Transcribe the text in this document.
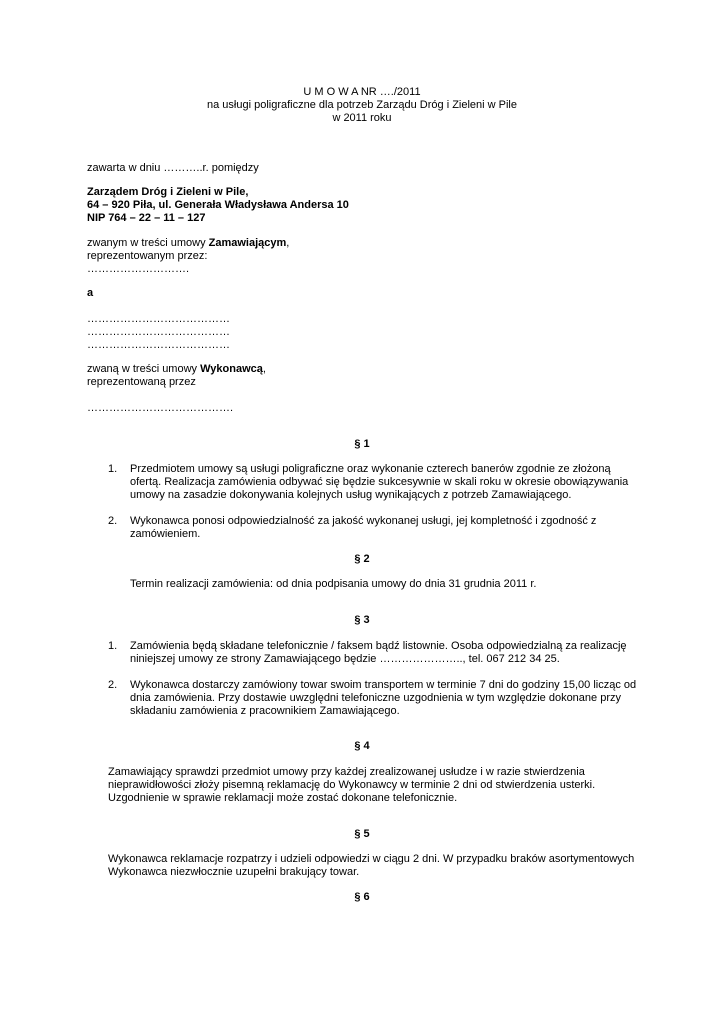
U M O W A NR …./2011
na usługi poligraficzne dla potrzeb Zarządu Dróg i Zieleni w Pile
w 2011 roku
zawarta w dniu ………..r. pomiędzy
Zarządem Dróg i Zieleni w Pile,
64 – 920 Piła, ul. Generała Władysława Andersa 10
NIP 764 – 22 – 11 – 127
zwanym w treści umowy Zamawiającym,
reprezentowanym przez:
……………………….
a
…………………………………
…………………………………
…………………………………
zwaną w treści umowy Wykonawcą,
reprezentowaną przez
………………………………….
§ 1
1. Przedmiotem umowy są usługi poligraficzne oraz wykonanie czterech banerów zgodnie ze złożoną

ofertą. Realizacja zamówienia odbywać się będzie sukcesywnie w skali roku w okresie obowiązywania

umowy na zasadzie dokonywania kolejnych usług wynikających z potrzeb Zamawiającego.

2. Wykonawca ponosi odpowiedzialność za jakość wykonanej usługi, jej kompletność i zgodność z

zamówieniem.

§ 2
Termin realizacji zamówienia: od dnia podpisania umowy do dnia 31 grudnia 2011 r.
§ 3
1. Zamówienia będą składane telefonicznie / faksem bądź listownie. Osoba odpowiedzialną za realizację

niniejszej umowy ze strony Zamawiającego będzie ………………….., tel. 067 212 34 25.

2. Wykonawca dostarczy zamówiony towar swoim transportem w terminie 7 dni do godziny 15,00 licząc od

dnia zamówienia. Przy dostawie uwzględni telefoniczne uzgodnienia w tym względzie dokonane przy

składaniu zamówienia z pracownikiem Zamawiającego.

§ 4

Zamawiający sprawdzi przedmiot umowy przy każdej zrealizowanej usłudze i w razie stwierdzenia

nieprawidłowości złoży pisemną reklamację do Wykonawcy w terminie 2 dni od stwierdzenia usterki.

Uzgodnienie w sprawie reklamacji może zostać dokonane telefonicznie.

§ 5

Wykonawca reklamacje rozpatrzy i udzieli odpowiedzi w ciągu 2 dni. W przypadku braków asortymentowych

Wykonawca niezwłocznie uzupełni brakujący towar.

§ 6
